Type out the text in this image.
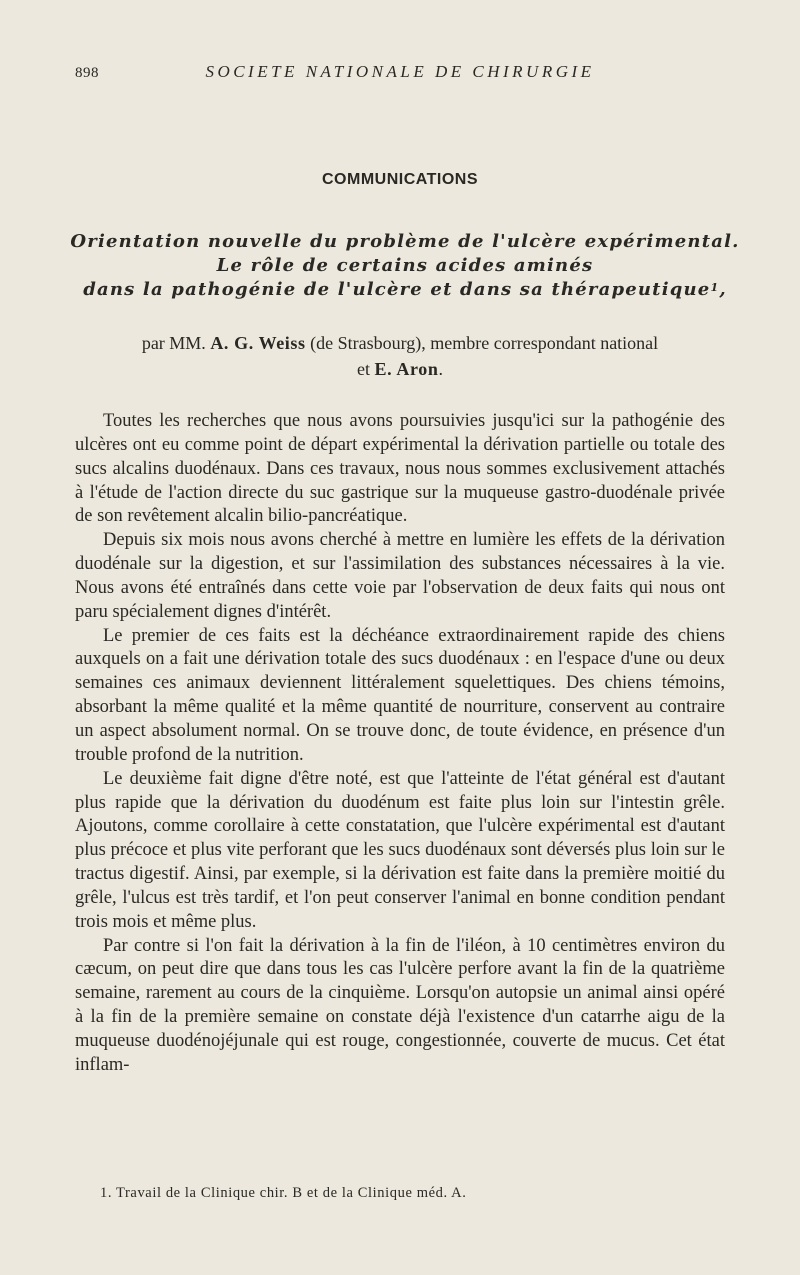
898	SOCIETE NATIONALE DE CHIRURGIE
COMMUNICATIONS
Orientation nouvelle du problème de l'ulcère expérimental.
Le rôle de certains acides aminés
dans la pathogénie de l'ulcère et dans sa thérapeutique$^1$,
par MM. A. G. Weiss (de Strasbourg), membre correspondant national
et E. Aron.

Toutes les recherches que nous avons poursuivies jusqu'ici sur la pathogénie des ulcères ont eu comme point de départ expérimental la dérivation partielle ou totale des sucs alcalins duodénaux. Dans ces travaux, nous nous sommes exclusivement attachés à l'étude de l'action directe du suc gastrique sur la muqueuse gastro-duodénale privée de son revêtement alcalin bilio-pancréatique.

Depuis six mois nous avons cherché à mettre en lumière les effets de la dérivation duodénale sur la digestion, et sur l'assimilation des substances nécessaires à la vie. Nous avons été entraînés dans cette voie par l'observation de deux faits qui nous ont paru spécialement dignes d'intérêt.

Le premier de ces faits est la déchéance extraordinairement rapide des chiens auxquels on a fait une dérivation totale des sucs duodénaux : en l'espace d'une ou deux semaines ces animaux deviennent littéralement squelettiques. Des chiens témoins, absorbant la même qualité et la même quantité de nourriture, conservent au contraire un aspect absolument normal. On se trouve donc, de toute évidence, en présence d'un trouble profond de la nutrition.

Le deuxième fait digne d'être noté, est que l'atteinte de l'état général est d'autant plus rapide que la dérivation du duodénum est faite plus loin sur l'intestin grêle. Ajoutons, comme corollaire à cette constatation, que l'ulcère expérimental est d'autant plus précoce et plus vite perforant que les sucs duodénaux sont déversés plus loin sur le tractus digestif. Ainsi, par exemple, si la dérivation est faite dans la première moitié du grêle, l'ulcus est très tardif, et l'on peut conserver l'animal en bonne condition pendant trois mois et même plus.

Par contre si l'on fait la dérivation à la fin de l'iléon, à 10 centimètres environ du cæcum, on peut dire que dans tous les cas l'ulcère perfore avant la fin de la quatrième semaine, rarement au cours de la cinquième. Lorsqu'on autopsie un animal ainsi opéré à la fin de la première semaine on constate déjà l'existence d'un catarrhe aigu de la muqueuse duodénojéjunale qui est rouge, congestionnée, couverte de mucus. Cet état inflam-

1. Travail de la Clinique chir. B et de la Clinique méd. A.
